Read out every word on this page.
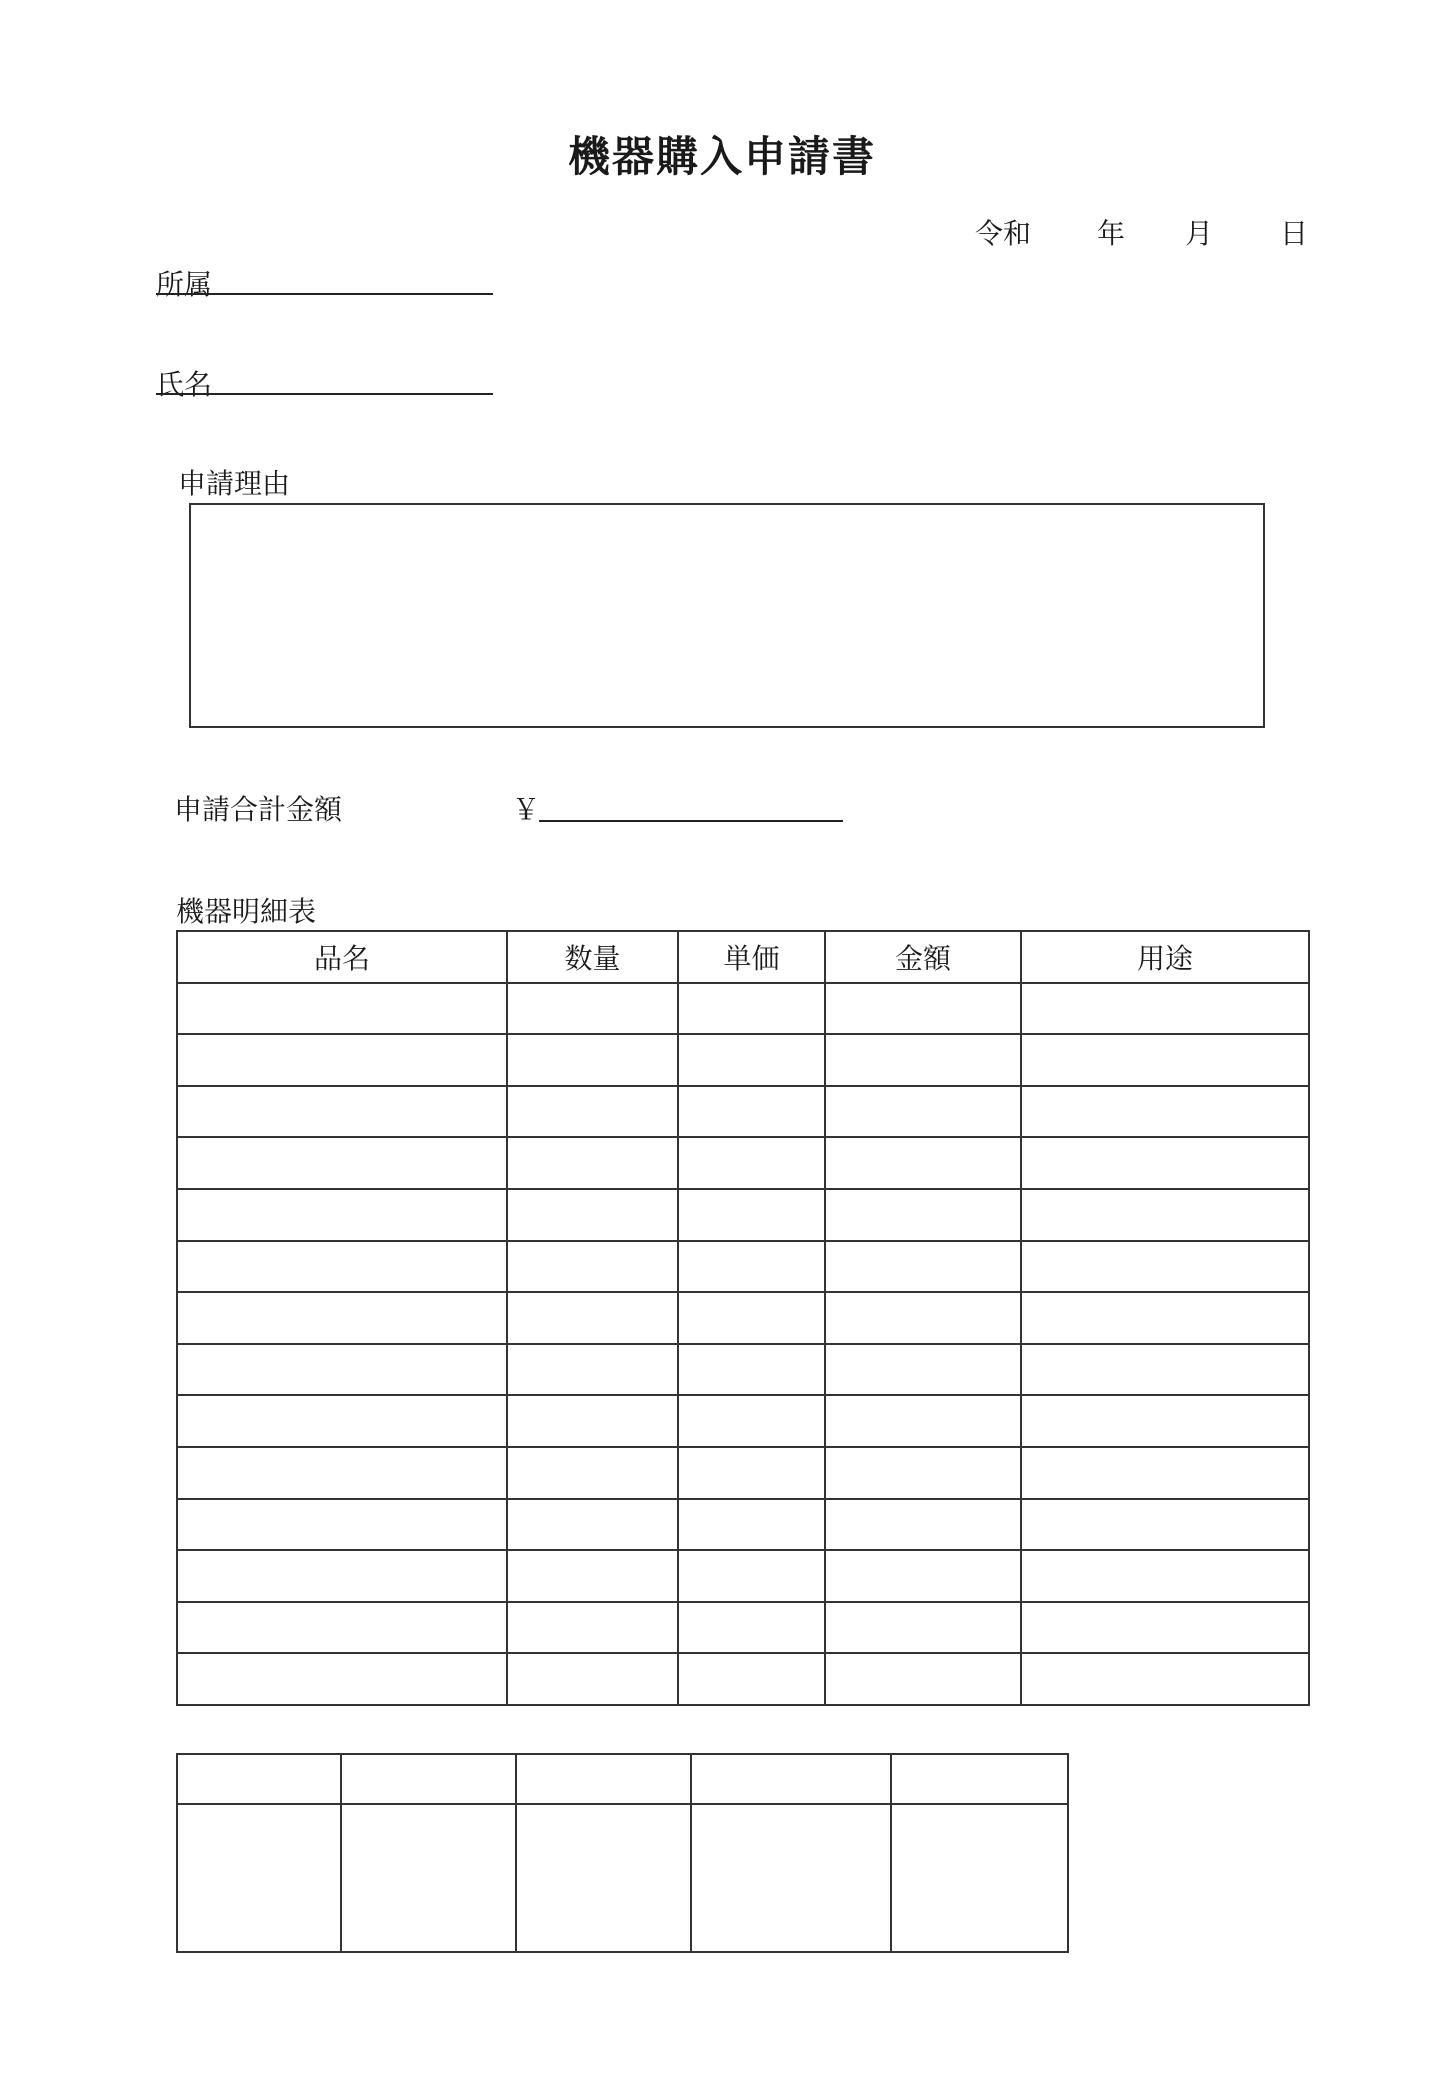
機器購入申請書
令和 年 月 日
所属
氏名
申請理由
申請合計金額	￥
機器明細表
品名	数量	単価	金額	用途
